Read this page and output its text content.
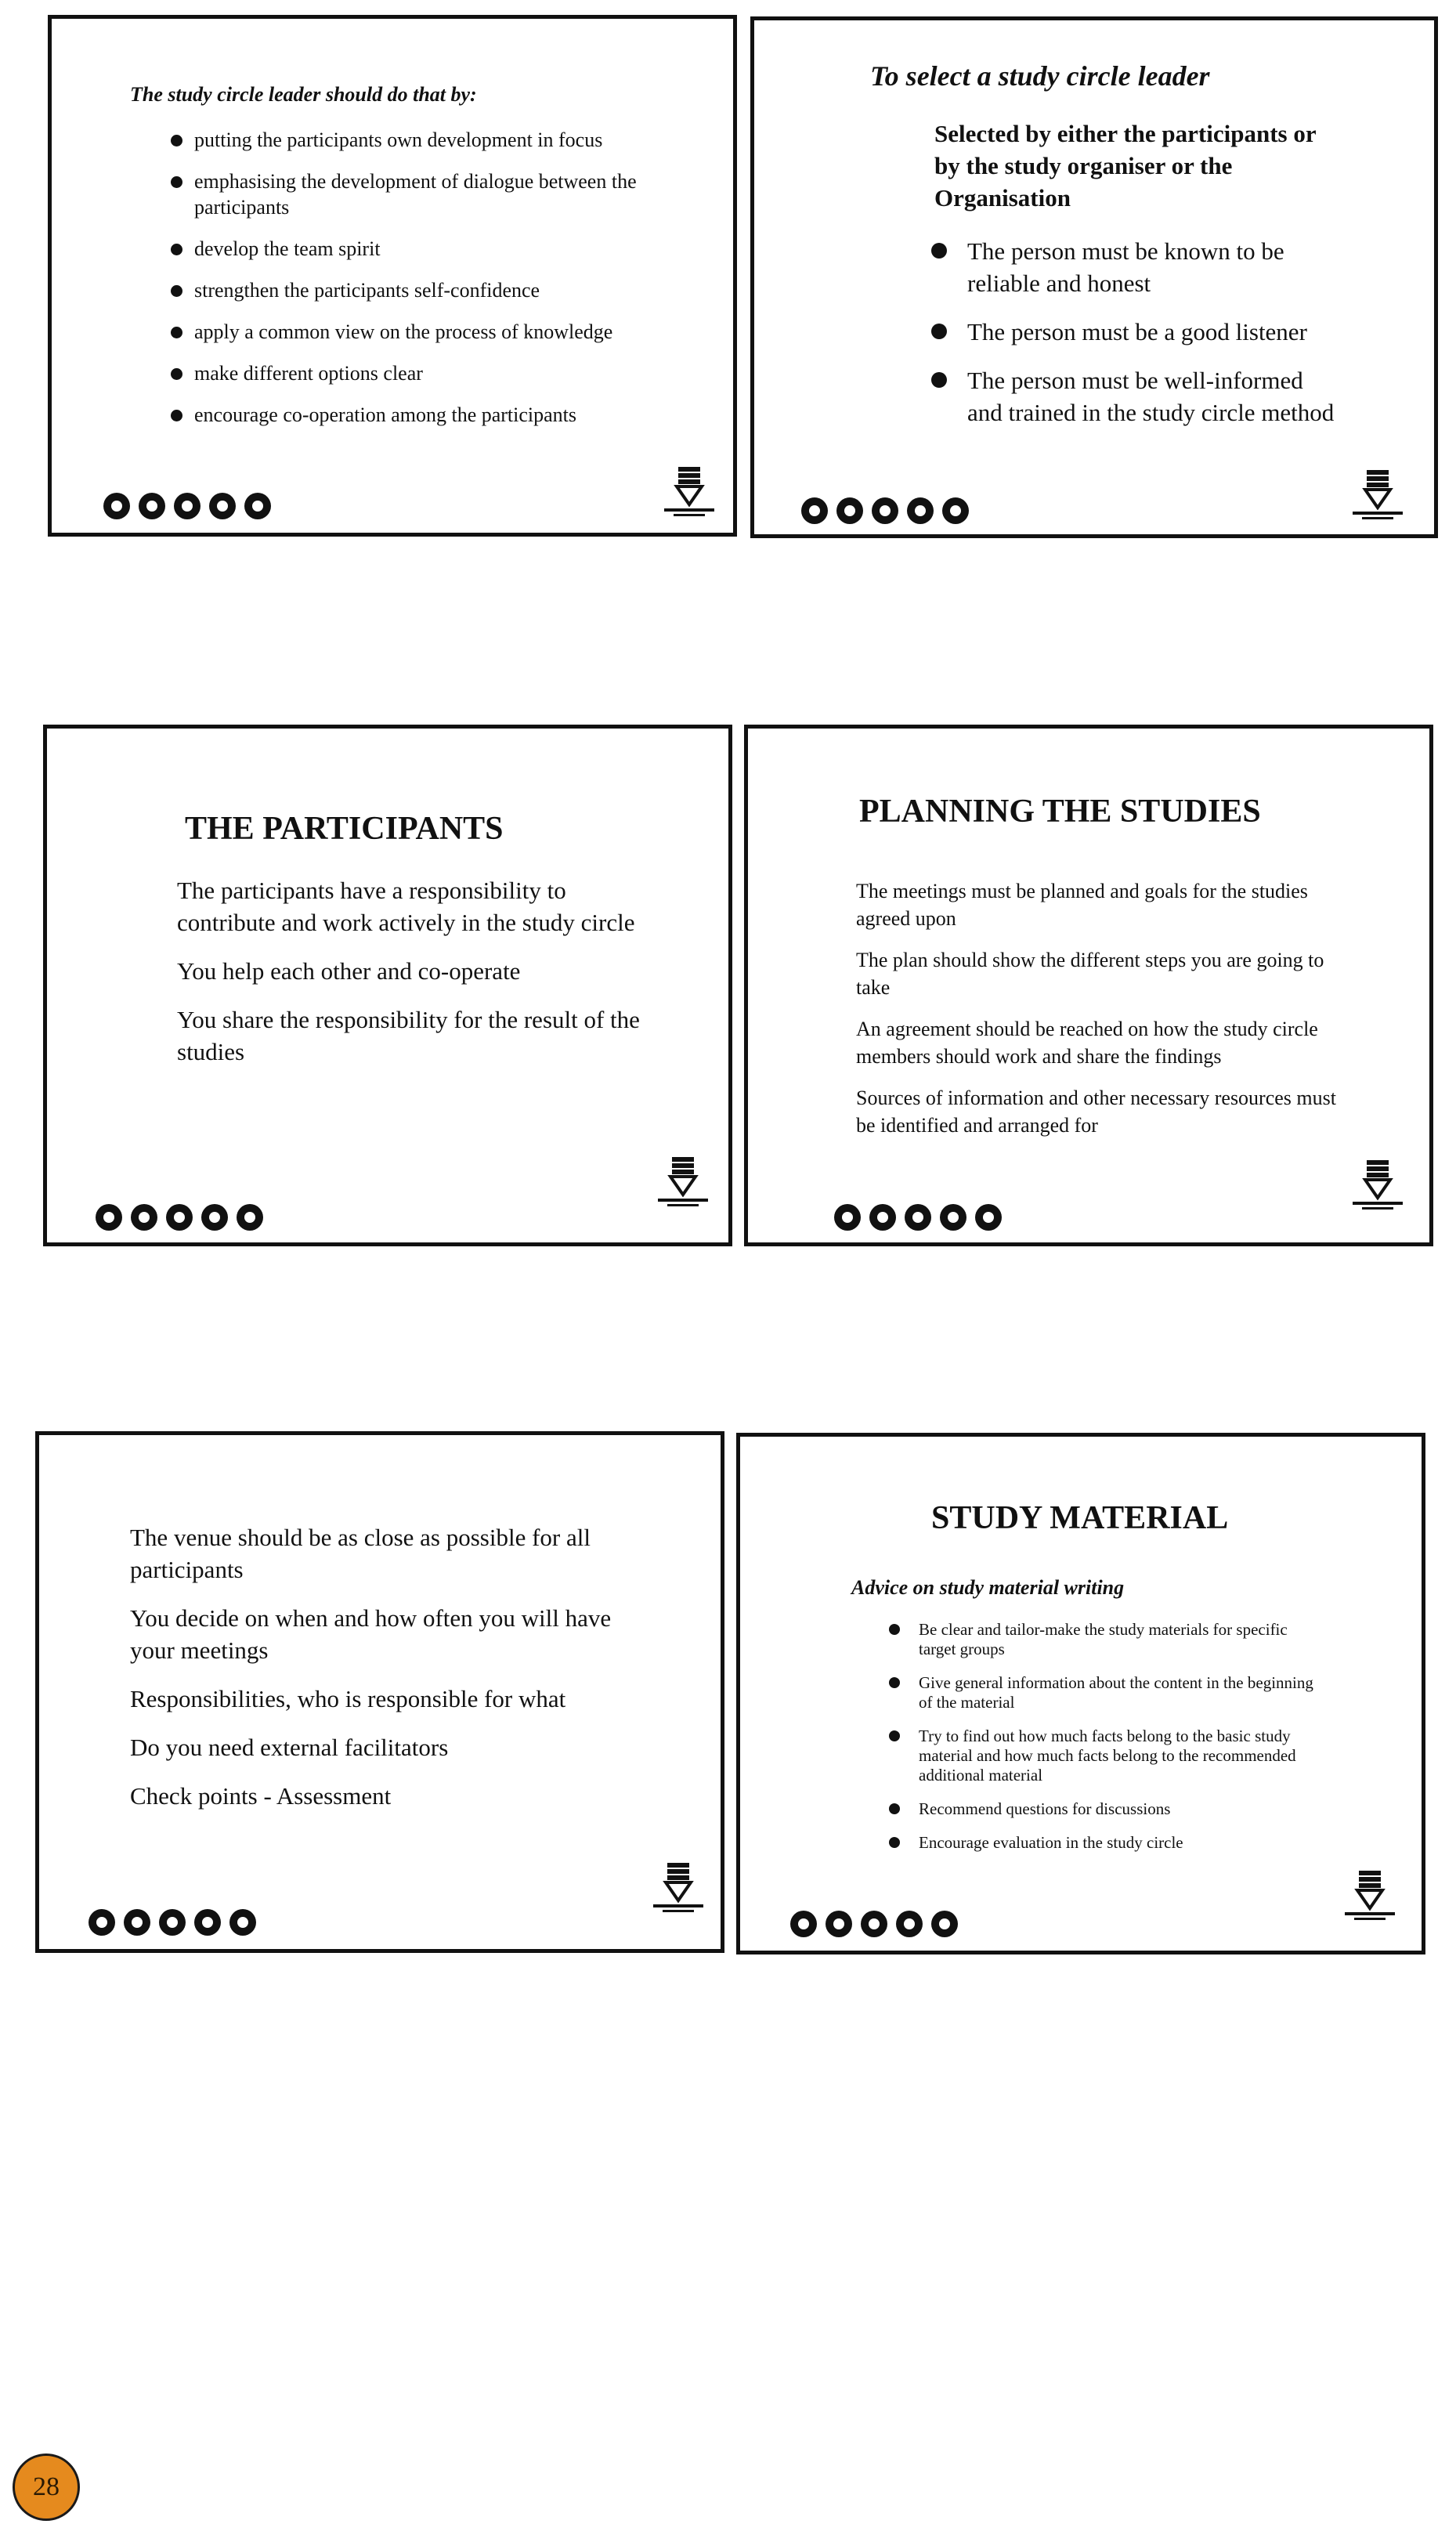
The study circle leader should do that by:
putting the participants own development in focus
emphasising the development of dialogue between the participants
develop the team spirit
strengthen the participants self-confidence
apply a common view on the process of knowledge
make different options clear
encourage co-operation among the participants
To select a study circle leader
Selected by either the participants or by the study organiser or the Organisation
The person must be known to be reliable and honest
The person must be a good listener
The person must be well-informed and trained in the study circle method
THE PARTICIPANTS

The participants have a responsibility to contribute and work actively in the study circle

You help each other and co-operate

You share the responsibility for the result of the studies

PLANNING THE STUDIES

The meetings must be planned and goals for the studies agreed upon

The plan should show the different steps you are going to take

An agreement should be reached on how the study circle members should work and share the findings

Sources of information and other necessary resources must be identified and arranged for

The venue should be as close as possible for all participants

You decide on when and how often you will have your meetings

Responsibilities, who is responsible for what

Do you need external facilitators

Check points - Assessment

STUDY MATERIAL
Advice on study material writing
Be clear and tailor-make the study materials for specific target groups
Give general information about the content in the beginning of the material
Try to find out how much facts belong to the basic study material and how much facts belong to the recommended additional material
Recommend questions for discussions
Encourage evaluation in the study circle
28
